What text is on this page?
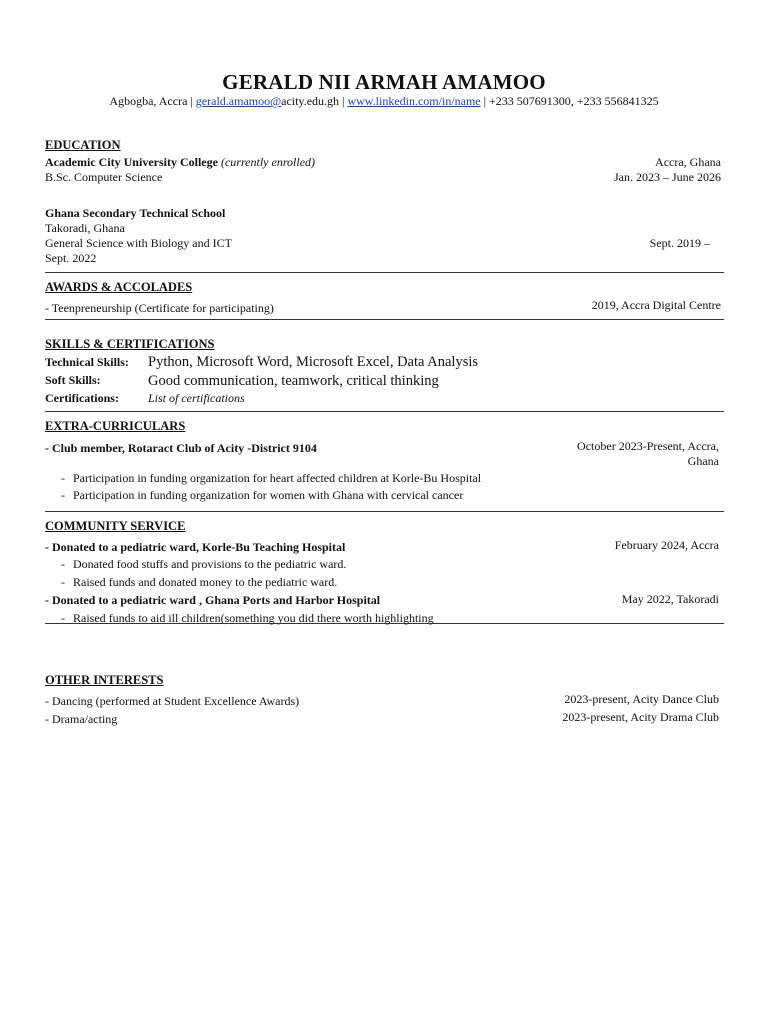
GERALD NII ARMAH AMAMOO
Agbogba, Accra | gerald.amamoo@acity.edu.gh | www.linkedin.com/in/name | +233 507691300, +233 556841325
EDUCATION
Academic City University College (currently enrolled)	Accra, Ghana
B.Sc. Computer Science	Jan. 2023 – June 2026
Ghana Secondary Technical School
Takoradi, Ghana
General Science with Biology and ICT	Sept. 2019 –
Sept. 2022
AWARDS & ACCOLADES
- Teenpreneurship (Certificate for participating)	2019, Accra Digital Centre
SKILLS & CERTIFICATIONS
Technical Skills: Python, Microsoft Word, Microsoft Excel, Data Analysis
Soft Skills:	Good communication, teamwork, critical thinking
Certifications: List of certifications
EXTRA-CURRICULARS
- Club member, Rotaract Club of Acity -District 9104	October 2023-Present, Accra,
Ghana
- Participation in funding organization for heart affected children at Korle-Bu Hospital
- Participation in funding organization for women with Ghana with cervical cancer
COMMUNITY SERVICE
- Donated to a pediatric ward, Korle-Bu Teaching Hospital	February 2024, Accra
- Donated food stuffs and provisions to the pediatric ward.
- Raised funds and donated money to the pediatric ward.
- Donated to a pediatric ward , Ghana Ports and Harbor Hospital	May 2022, Takoradi
- Raised funds to aid ill children(something you did there worth highlighting
OTHER INTERESTS
- Dancing (performed at Student Excellence Awards)	2023-present, Acity Dance Club
- Drama/acting	2023-present, Acity Drama Club
